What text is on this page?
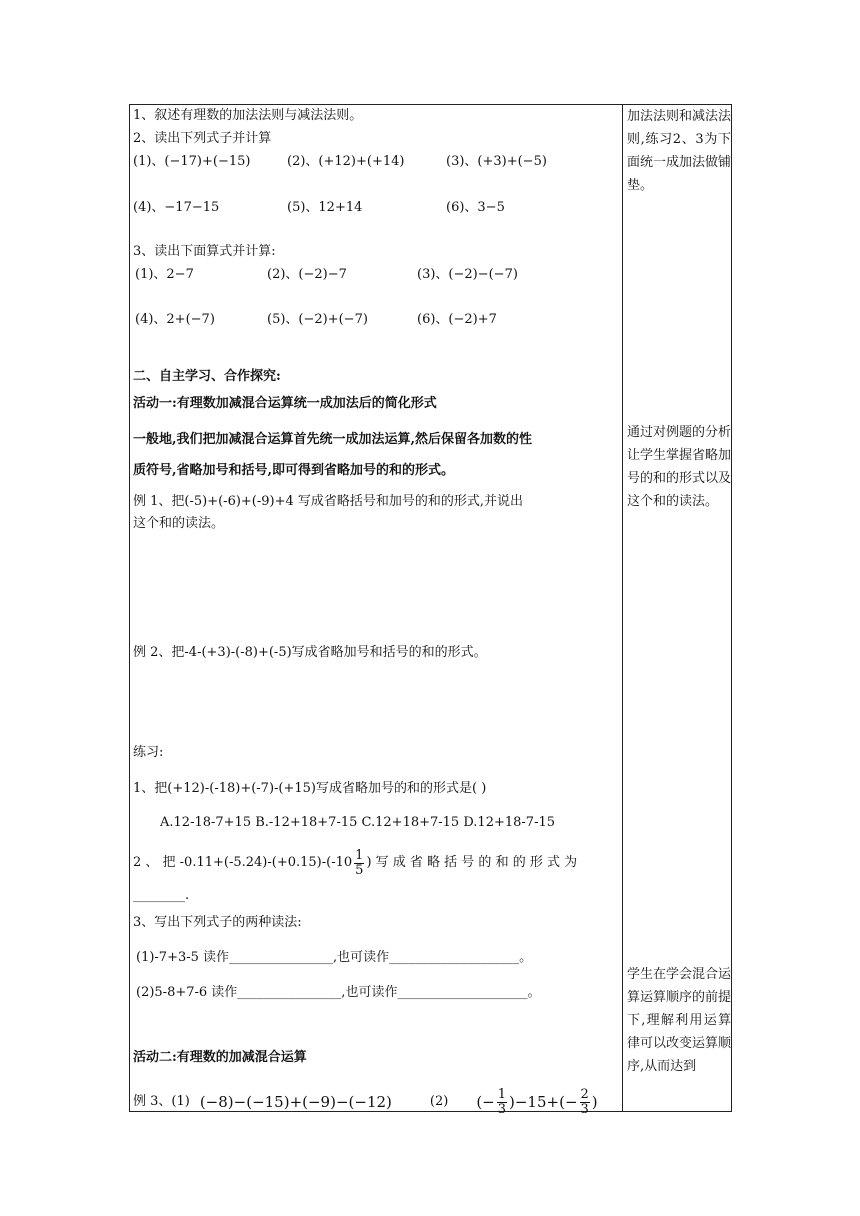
1、叙述有理数的加法法则与减法法则。
2、读出下列式子并计算
(1)、(−17)+(−15)	(2)、(+12)+(+14)	(3)、(+3)+(−5)
(4)、−17−15	(5)、12+14	(6)、3−5
3、读出下面算式并计算:
(1)、2−7	(2)、(−2)−7	(3)、(−2)−(−7)
(4)、2+(−7)	(5)、(−2)+(−7)	(6)、(−2)+7
二、自主学习、合作探究:
活动一:有理数加减混合运算统一成加法后的简化形式
一般地,我们把加减混合运算首先统一成加法运算,然后保留各加数的性
质符号,省略加号和括号,即可得到省略加号的和的形式。
例 1、把(-5)+(-6)+(-9)+4 写成省略括号和加号的和的形式,并说出
这个和的读法。
例 2、把-4-(+3)-(-8)+(-5)写成省略加号和括号的和的形式。
练习:
1、把(+12)-(-18)+(-7)-(+15)写成省略加号的和的形式是( )
A.12-18-7+15 B.-12+18+7-15 C.12+18+7-15 D.12+18-7-15
2 、 把 $-0.11+(-5.24)-(+0.15)-(-10 \frac{1}{5}$ ) 写 成 省 略 括 号 的 和 的 形 式 为
________.
3、写出下列式子的两种读法:
(1)-7+3-5 读作________________,也可读作____________________。
(2)5-8+7-6 读作________________,也可读作____________________。
活动二:有理数的加减混合运算
例 3、(1) (−8)−(−15)+(−9)−(−12)	(2) (− $\frac{1}{3} )-15+(- \frac{2}{3}$ )
加法法则和减法法则,练习2、3为下面统一成加法做铺垫。
通过对例题的分析让学生掌握省略加号的和的形式以及这个和的读法。
学生在学会混合运算运算顺序的前提下,理解利用运算律可以改变运算顺序,从而达到
